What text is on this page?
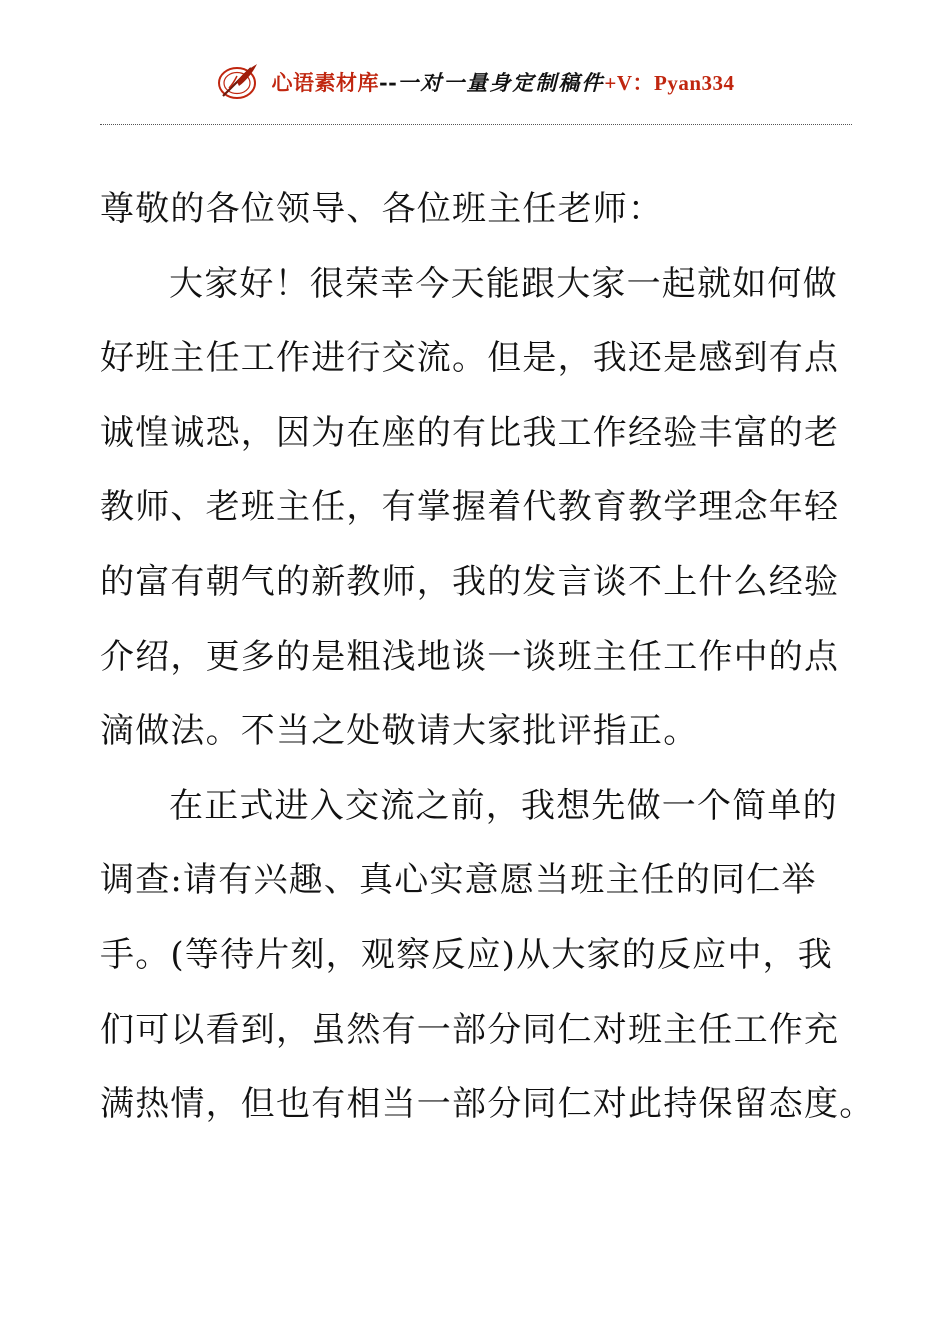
心语素材库--一对一量身定制稿件+V：Pyan334
尊敬的各位领导、各位班主任老师：
大家好！很荣幸今天能跟大家一起就如何做
好班主任工作进行交流。但是，我还是感到有点
诚惶诚恐，因为在座的有比我工作经验丰富的老
教师、老班主任，有掌握着代教育教学理念年轻
的富有朝气的新教师，我的发言谈不上什么经验
介绍，更多的是粗浅地谈一谈班主任工作中的点
滴做法。不当之处敬请大家批评指正。
在正式进入交流之前，我想先做一个简单的
调查:请有兴趣、真心实意愿当班主任的同仁举
手。(等待片刻，观察反应)从大家的反应中，我
们可以看到，虽然有一部分同仁对班主任工作充
满热情，但也有相当一部分同仁对此持保留态度。
